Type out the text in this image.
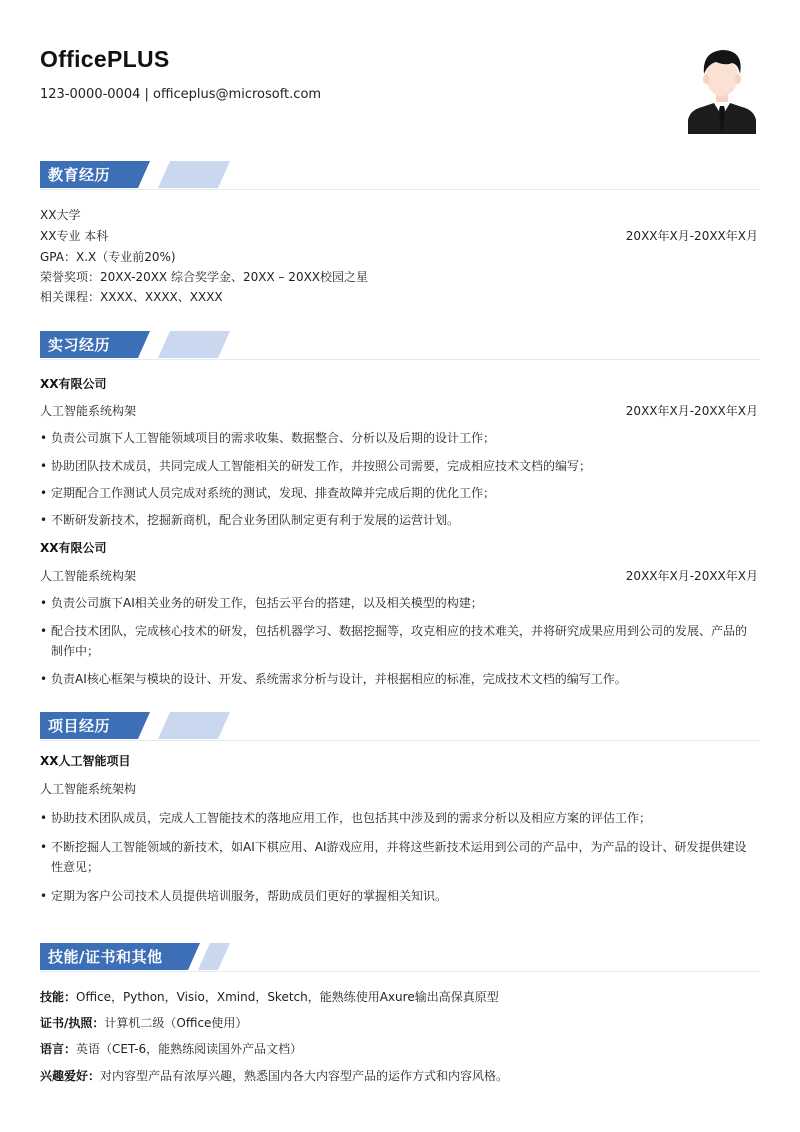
OfficePLUS
123-0000-0004 | officeplus@microsoft.com
教育经历
XX大学
XX专业 本科	20XX年X月-20XX年X月
GPA：X.X（专业前20%)
荣誉奖项：20XX-20XX 综合奖学金、20XX – 20XX校园之星
相关课程：XXXX、XXXX、XXXX
实习经历
XX有限公司
人工智能系统构架	20XX年X月-20XX年X月
• 负责公司旗下人工智能领域项目的需求收集、数据整合、分析以及后期的设计工作；
• 协助团队技术成员，共同完成人工智能相关的研发工作，并按照公司需要，完成相应技术文档的编写；
• 定期配合工作测试人员完成对系统的测试，发现、排查故障并完成后期的优化工作；
• 不断研发新技术，挖掘新商机，配合业务团队制定更有利于发展的运营计划。
XX有限公司
人工智能系统构架	20XX年X月-20XX年X月
• 负责公司旗下AI相关业务的研发工作，包括云平台的搭建，以及相关模型的构建；
• 配合技术团队，完成核心技术的研发，包括机器学习、数据挖掘等，攻克相应的技术难关，并将研究成果应用到公司的发展、产品的制作中；
• 负责AI核心框架与模块的设计、开发、系统需求分析与设计，并根据相应的标准，完成技术文档的编写工作。
项目经历
XX人工智能项目
人工智能系统架构
• 协助技术团队成员，完成人工智能技术的落地应用工作，也包括其中涉及到的需求分析以及相应方案的评估工作；
• 不断挖掘人工智能领域的新技术，如AI下棋应用、AI游戏应用，并将这些新技术运用到公司的产品中，为产品的设计、研发提供建设性意见；
• 定期为客户公司技术人员提供培训服务，帮助成员们更好的掌握相关知识。
技能/证书和其他
技能：Office，Python，Visio，Xmind，Sketch，能熟练使用Axure输出高保真原型
证书/执照：计算机二级（Office使用）
语言：英语（CET-6，能熟练阅读国外产品文档）
兴趣爱好：对内容型产品有浓厚兴趣，熟悉国内各大内容型产品的运作方式和内容风格。
